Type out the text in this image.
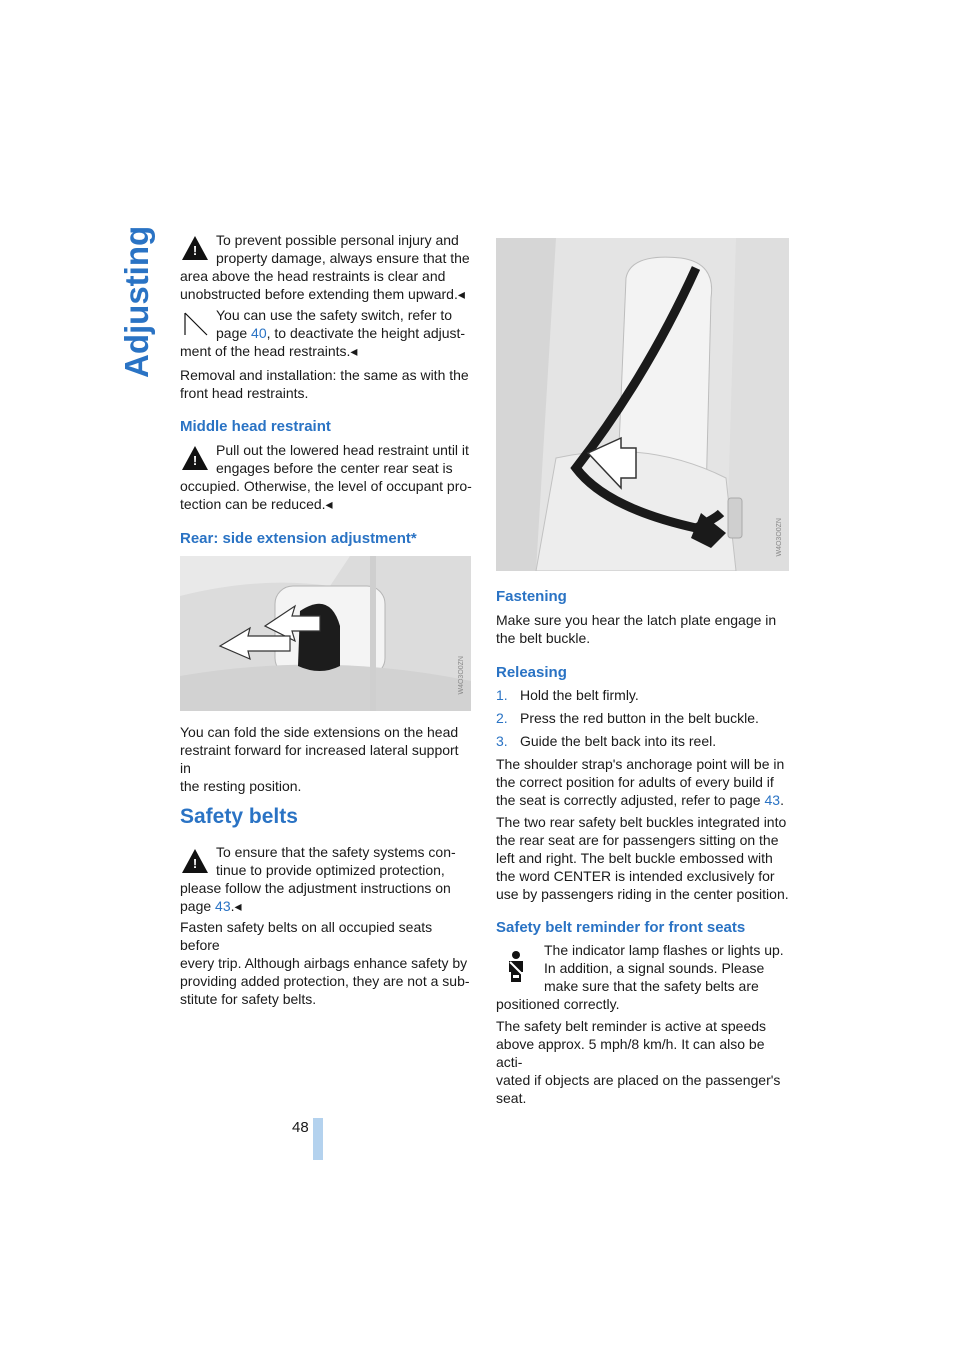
Adjusting	!

To prevent possible personal injury and

property damage, always ensure that the

area above the head restraints is clear and

unobstructed before extending them upward.◂

You can use the safety switch, refer to

page 40, to deactivate the height adjust-

ment of the head restraints.◂

Removal and installation: the same as with the

front head restraints.

Middle head restraint
!

Pull out the lowered head restraint until it

engages before the center rear seat is

occupied. Otherwise, the level of occupant pro-

tection can be reduced.◂

Rear: side extension adjustment*
W4O3O0ZN

You can fold the side extensions on the head

restraint forward for increased lateral support in

the resting position.

Safety belts
!

To ensure that the safety systems con-

tinue to provide optimized protection,

please follow the adjustment instructions on

page 43.◂

Fasten safety belts on all occupied seats before

every trip. Although airbags enhance safety by

providing added protection, they are not a sub-

stitute for safety belts.

W4O3O0ZN
Fastening

Make sure you hear the latch plate engage in

the belt buckle.

Releasing
1. Hold the belt firmly.
2. Press the red button in the belt buckle.
3. Guide the belt back into its reel.

The shoulder strap's anchorage point will be in

the correct position for adults of every build if

the seat is correctly adjusted, refer to page 43.

The two rear safety belt buckles integrated into

the rear seat are for passengers sitting on the

left and right. The belt buckle embossed with

the word CENTER is intended exclusively for

use by passengers riding in the center position.

Safety belt reminder for front seats

The indicator lamp flashes or lights up.

In addition, a signal sounds. Please

make sure that the safety belts are

positioned correctly.

The safety belt reminder is active at speeds

above approx. 5 mph/8 km/h. It can also be acti-

vated if objects are placed on the passenger's

seat.

48
